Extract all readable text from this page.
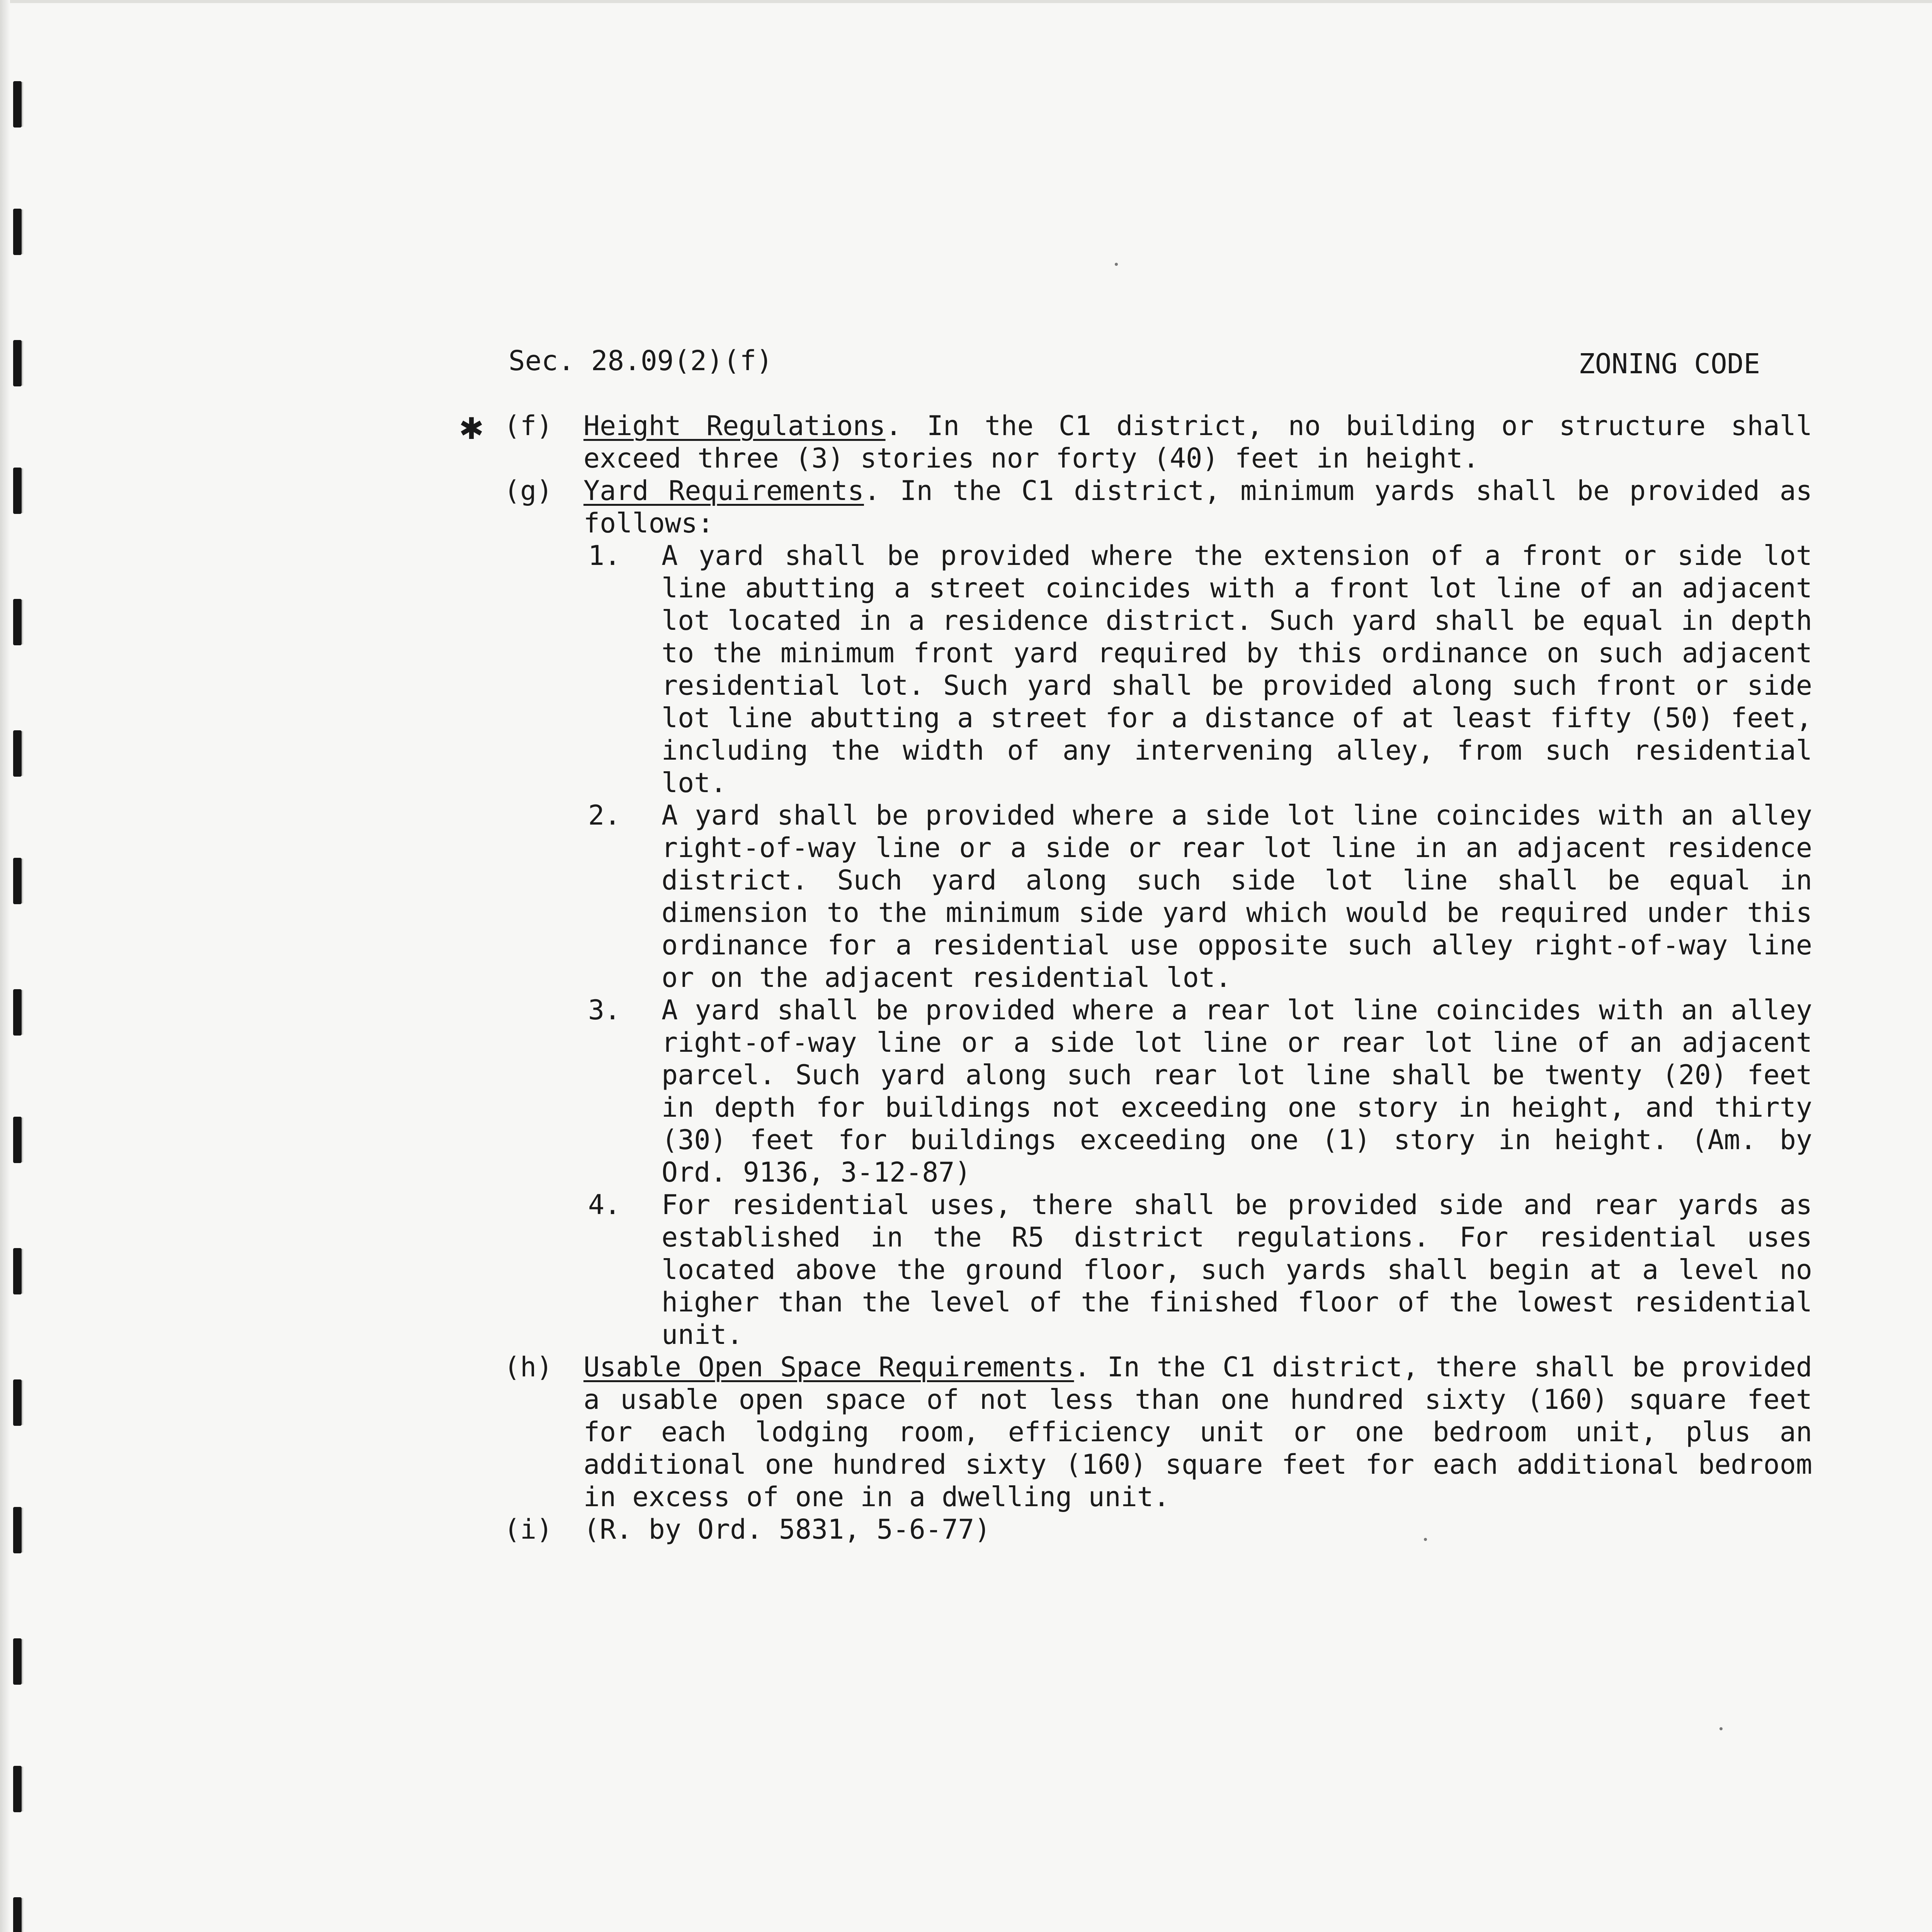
Sec. 28.09(2)(f)	ZONING CODE
✱ (f) Height Regulations. In the C1 district, no building or structure shall exceed three (3) stories nor forty (40) feet in height.
(g) Yard Requirements. In the C1 district, minimum yards shall be provided as follows:
1. A yard shall be provided where the extension of a front or side lot line abutting a street coincides with a front lot line of an adjacent lot located in a residence district. Such yard shall be equal in depth to the minimum front yard required by this ordinance on such adjacent residential lot. Such yard shall be provided along such front or side lot line abutting a street for a distance of at least fifty (50) feet, including the width of any intervening alley, from such residential lot.
2. A yard shall be provided where a side lot line coincides with an alley right-of-way line or a side or rear lot line in an adjacent residence district. Such yard along such side lot line shall be equal in dimension to the minimum side yard which would be required under this ordinance for a residential use opposite such alley right-of-way line or on the adjacent residential lot.
3. A yard shall be provided where a rear lot line coincides with an alley right-of-way line or a side lot line or rear lot line of an adjacent parcel. Such yard along such rear lot line shall be twenty (20) feet in depth for buildings not exceeding one story in height, and thirty (30) feet for buildings exceeding one (1) story in height. (Am. by Ord. 9136, 3-12-87)
4. For residential uses, there shall be provided side and rear yards as established in the R5 district regulations. For residential uses located above the ground floor, such yards shall begin at a level no higher than the level of the finished floor of the lowest residential unit.
(h) Usable Open Space Requirements. In the C1 district, there shall be provided a usable open space of not less than one hundred sixty (160) square feet for each lodging room, efficiency unit or one bedroom unit, plus an additional one hundred sixty (160) square feet for each additional bedroom in excess of one in a dwelling unit.
(i) (R. by Ord. 5831, 5-6-77)
